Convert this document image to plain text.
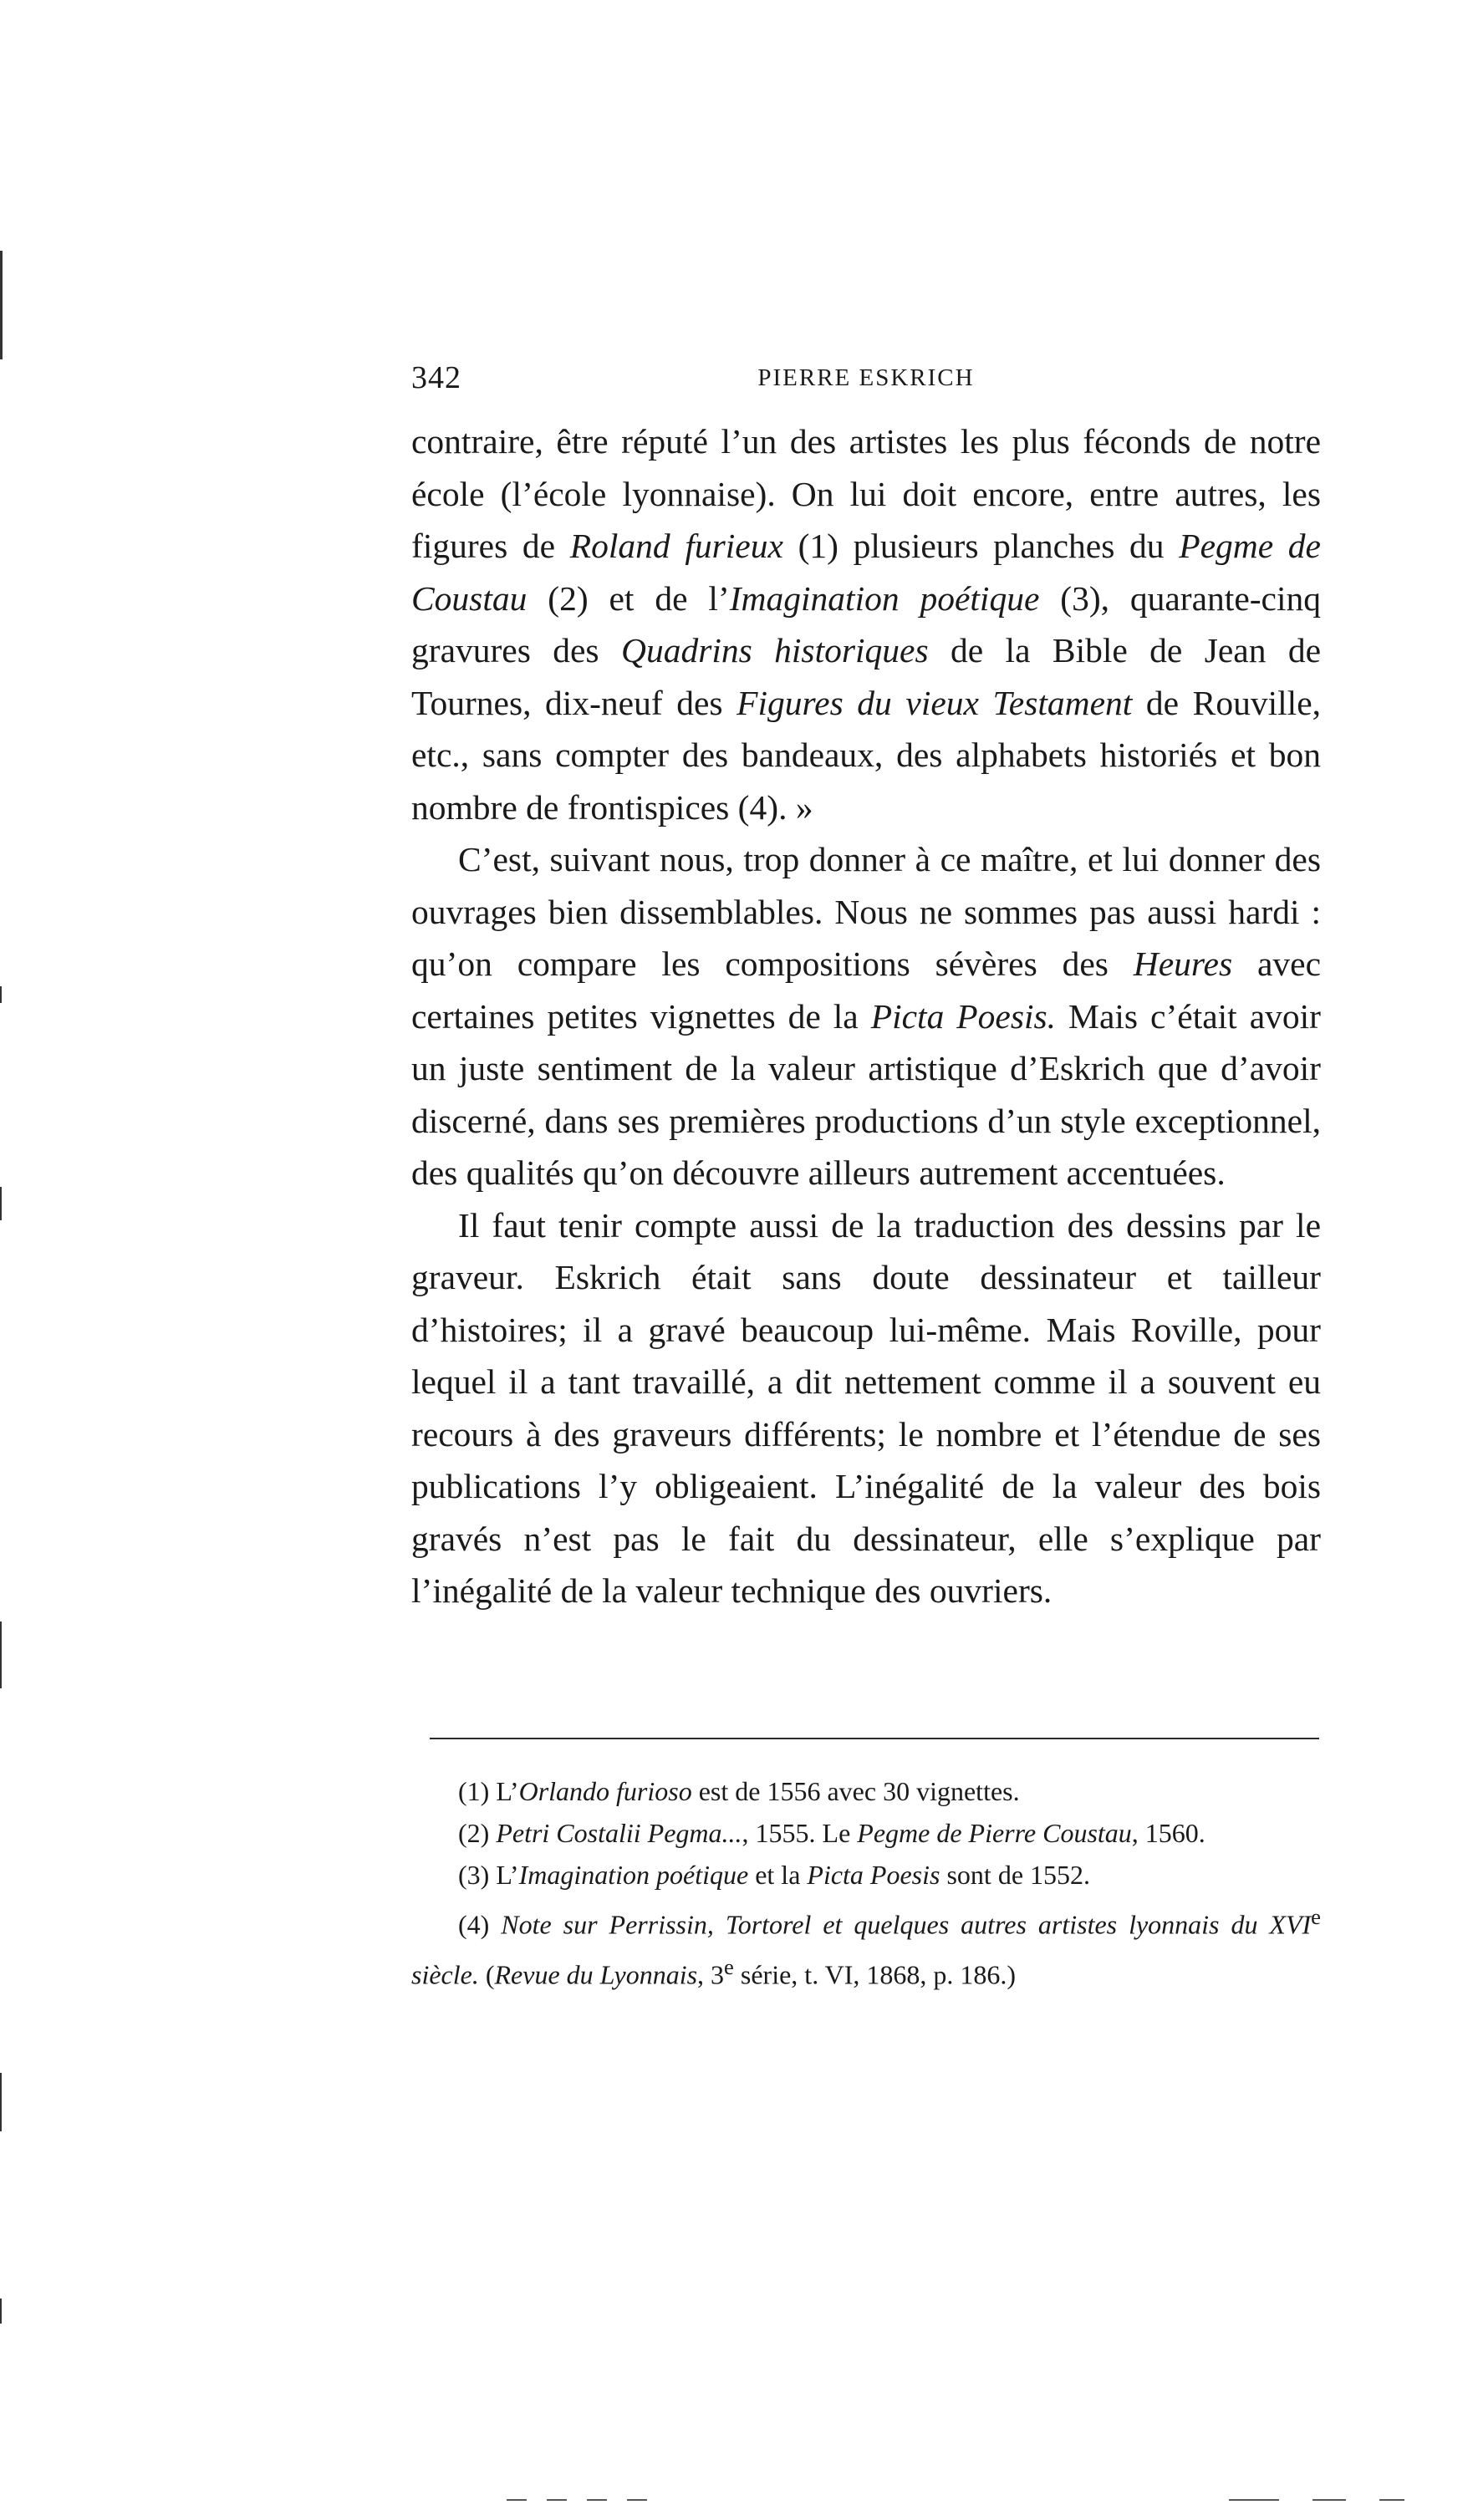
342	PIERRE ESKRICH

contraire, être réputé l’un des artistes les plus féconds de notre école (l’école lyonnaise). On lui doit encore, entre autres, les figures de Roland furieux (1) plusieurs planches du Pegme de Coustau (2) et de l’Imagination poétique (3), quarante-cinq gravures des Quadrins historiques de la Bible de Jean de Tournes, dix-neuf des Figures du vieux Testament de Rouville, etc., sans compter des bandeaux, des alphabets historiés et bon nombre de frontispices (4). »

C’est, suivant nous, trop donner à ce maître, et lui donner des ouvrages bien dissemblables. Nous ne sommes pas aussi hardi : qu’on compare les compositions sévères des Heures avec certaines petites vignettes de la Picta Poesis. Mais c’était avoir un juste sentiment de la valeur artistique d’Eskrich que d’avoir discerné, dans ses premières productions d’un style exceptionnel, des qualités qu’on découvre ailleurs autrement accentuées.

Il faut tenir compte aussi de la traduction des dessins par le graveur. Eskrich était sans doute dessinateur et tailleur d’histoires; il a gravé beaucoup lui-même. Mais Roville, pour lequel il a tant travaillé, a dit nettement comme il a souvent eu recours à des graveurs différents; le nombre et l’étendue de ses publications l’y obligeaient. L’inégalité de la valeur des bois gravés n’est pas le fait du dessinateur, elle s’explique par l’inégalité de la valeur technique des ouvriers.

(1) L’Orlando furioso est de 1556 avec 30 vignettes.

(2) Petri Costalii Pegma..., 1555. Le Pegme de Pierre Coustau, 1560.

(3) L’Imagination poétique et la Picta Poesis sont de 1552.

(4) Note sur Perrissin, Tortorel et quelques autres artistes lyonnais du XVIe siècle. (Revue du Lyonnais, 3e série, t. VI, 1868, p. 186.)
